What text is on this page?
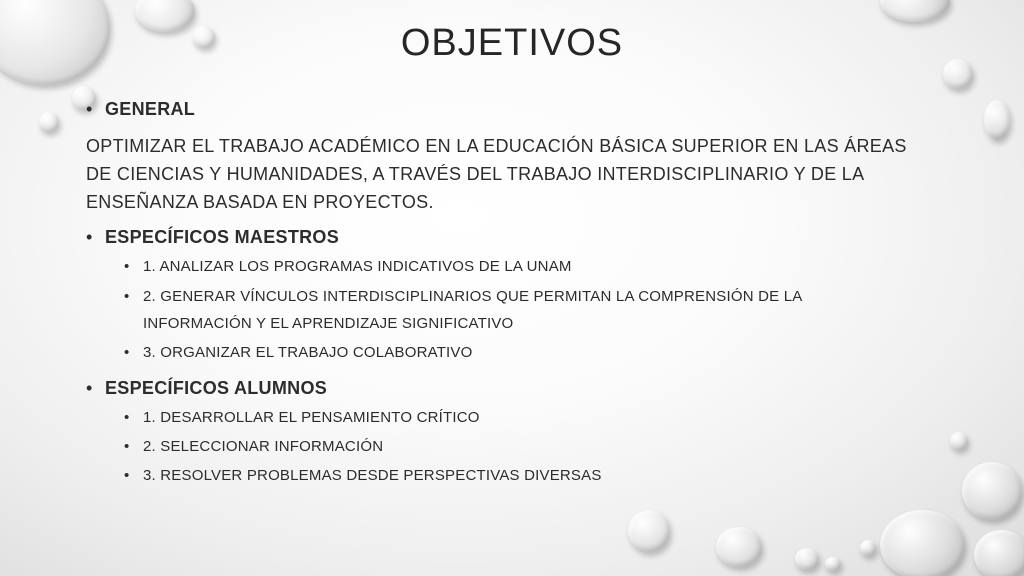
OBJETIVOS
• GENERAL
OPTIMIZAR EL TRABAJO ACADÉMICO EN LA EDUCACIÓN BÁSICA SUPERIOR EN LAS ÁREAS DE CIENCIAS Y HUMANIDADES, A TRAVÉS DEL TRABAJO INTERDISCIPLINARIO Y DE LA ENSEÑANZA BASADA EN PROYECTOS.
• ESPECÍFICOS MAESTROS
• 1. ANALIZAR LOS PROGRAMAS INDICATIVOS DE LA UNAM
• 2. GENERAR VÍNCULOS INTERDISCIPLINARIOS QUE PERMITAN LA COMPRENSIÓN DE LA INFORMACIÓN Y EL APRENDIZAJE SIGNIFICATIVO
• 3. ORGANIZAR EL TRABAJO COLABORATIVO
• ESPECÍFICOS ALUMNOS
• 1. DESARROLLAR EL PENSAMIENTO CRÍTICO
• 2. SELECCIONAR INFORMACIÓN
• 3. RESOLVER PROBLEMAS DESDE PERSPECTIVAS DIVERSAS
